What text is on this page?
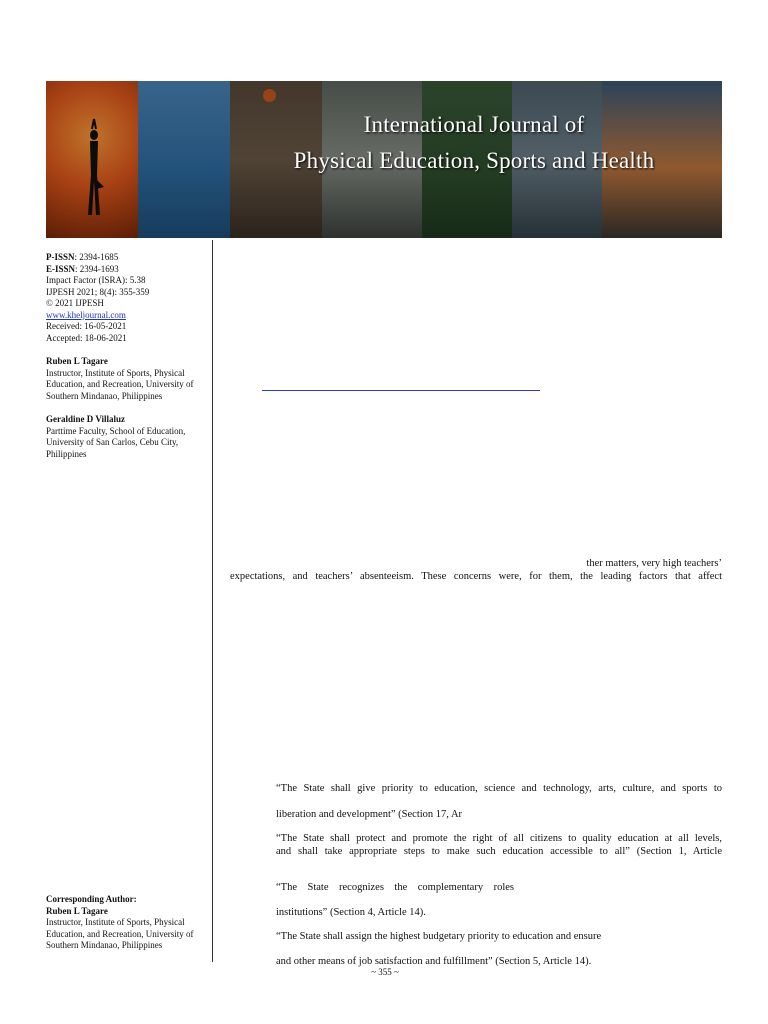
International Journal of
Physical Education, Sports and Health
P-ISSN: 2394-1685
E-ISSN: 2394-1693
Impact Factor (ISRA): 5.38
IJPESH 2021; 8(4): 355-359
© 2021 IJPESH
www.kheljournal.com
Received: 16-05-2021
Accepted: 18-06-2021
Ruben L Tagare
Instructor, Institute of Sports, Physical Education, and Recreation, University of Southern Mindanao, Philippines
Geraldine D Villaluz
Parttime Faculty, School of Education, University of San Carlos, Cebu City, Philippines
Corresponding Author:
Ruben L Tagare
Instructor, Institute of Sports, Physical Education, and Recreation, University of Southern Mindanao, Philippines
ther matters, very high teachers’
expectations, and teachers’ absenteeism. These concerns were, for them, the leading factors that affect
“The State shall give priority to education, science and technology, arts, culture, and sports to
liberation and development” (Section 17, Ar
“The State shall protect and promote the right of all citizens to quality education at all levels,
and shall take appropriate steps to make such education accessible to all” (Section 1, Article
“The State recognizes the complementary roles
institutions” (Section 4, Article 14).
“The State shall assign the highest budgetary priority to education and ensure
and other means of job satisfaction and fulfillment” (Section 5, Article 14).
~ 355 ~
